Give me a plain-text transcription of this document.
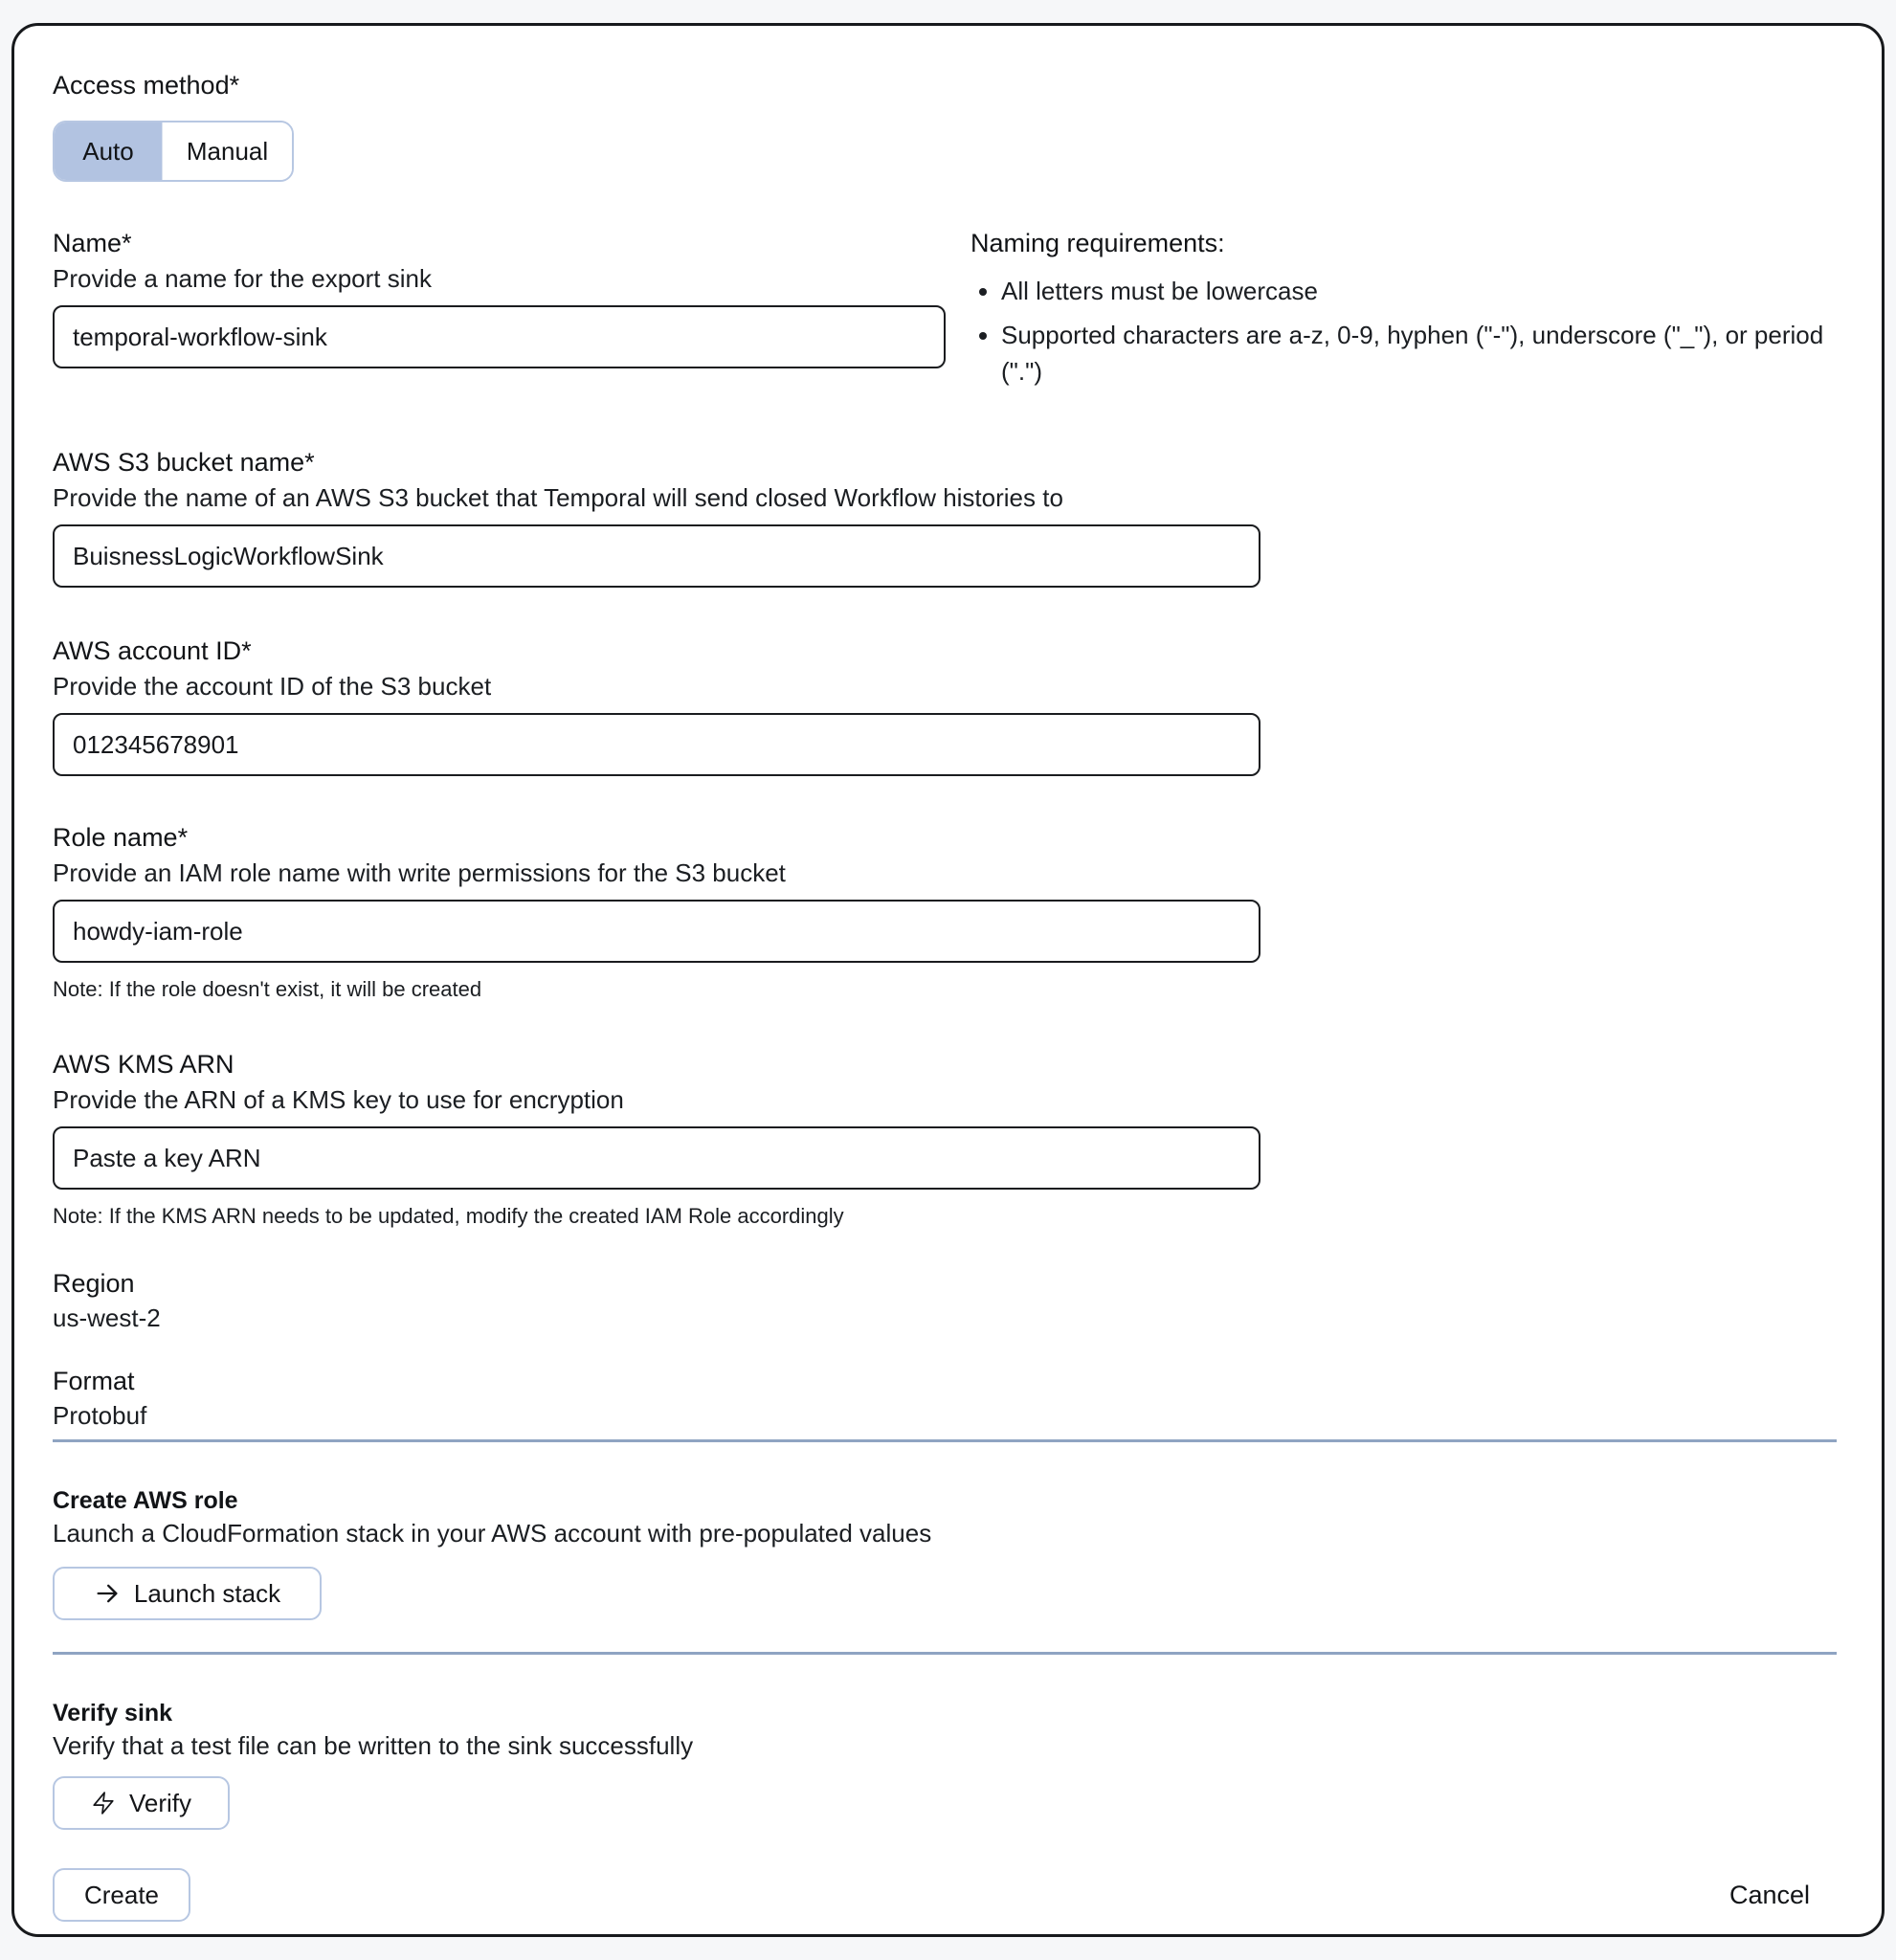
Access method*
Auto Manual
Name*
Provide a name for the export sink
temporal-workflow-sink
Naming requirements:
• All letters must be lowercase
• Supported characters are a-z, 0-9, hyphen ("-"), underscore ("_"), or period (".")
AWS S3 bucket name*
Provide the name of an AWS S3 bucket that Temporal will send closed Workflow histories to
BuisnessLogicWorkflowSink
AWS account ID*
Provide the account ID of the S3 bucket
012345678901
Role name*
Provide an IAM role name with write permissions for the S3 bucket
howdy-iam-role
Note: If the role doesn't exist, it will be created
AWS KMS ARN
Provide the ARN of a KMS key to use for encryption
Paste a key ARN
Note: If the KMS ARN needs to be updated, modify the created IAM Role accordingly
Region
us-west-2
Format
Protobuf
Create AWS role
Launch a CloudFormation stack in your AWS account with pre-populated values
Launch stack
Verify sink
Verify that a test file can be written to the sink successfully
Verify
Create	Cancel
